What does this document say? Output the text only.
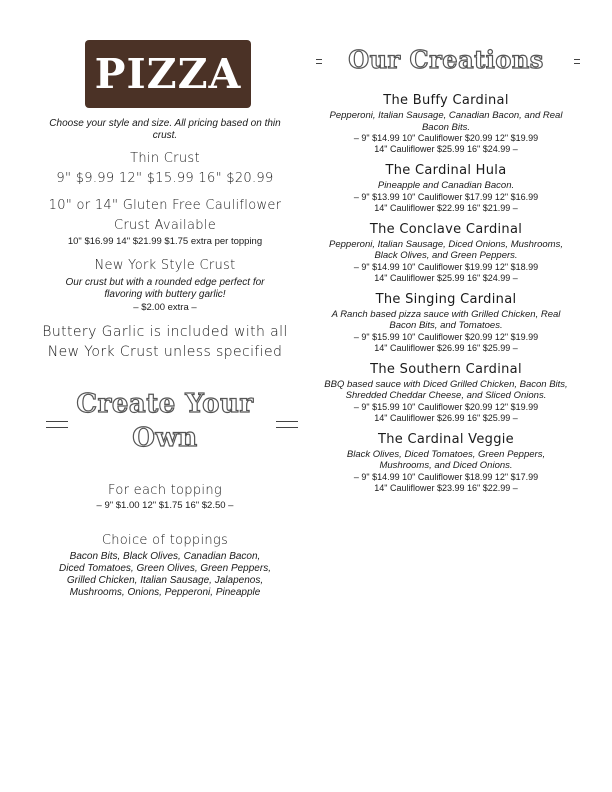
PIZZA
Choose your style and size. All pricing based on thin crust.
Thin Crust
9" $9.99 12" $15.99 16" $20.99
10" or 14" Gluten Free Cauliflower
Crust Available
10" $16.99 14" $21.99 $1.75 extra per topping
New York Style Crust
Our crust but with a rounded edge perfect for flavoring with buttery garlic!
– $2.00 extra –
Buttery Garlic is included with all
New York Crust unless specified
Create Your
Own
For each topping
– 9" $1.00 12" $1.75 16" $2.50 –
Choice of toppings
Bacon Bits, Black Olives, Canadian Bacon, Diced Tomatoes, Green Olives, Green Peppers, Grilled Chicken, Italian Sausage, Jalapenos, Mushrooms, Onions, Pepperoni, Pineapple
Our Creations
The Buffy Cardinal
Pepperoni, Italian Sausage, Canadian Bacon, and Real Bacon Bits.
– 9" $14.99 10" Cauliflower $20.99 12" $19.99
14" Cauliflower $25.99 16" $24.99 –
The Cardinal Hula
Pineapple and Canadian Bacon.
– 9" $13.99 10" Cauliflower $17.99 12" $16.99
14" Cauliflower $22.99 16" $21.99 –
The Conclave Cardinal
Pepperoni, Italian Sausage, Diced Onions, Mushrooms, Black Olives, and Green Peppers.
– 9" $14.99 10" Cauliflower $19.99 12" $18.99
14" Cauliflower $25.99 16" $24.99 –
The Singing Cardinal
A Ranch based pizza sauce with Grilled Chicken, Real Bacon Bits, and Tomatoes.
– 9" $15.99 10" Cauliflower $20.99 12" $19.99
14" Cauliflower $26.99 16" $25.99 –
The Southern Cardinal
BBQ based sauce with Diced Grilled Chicken, Bacon Bits, Shredded Cheddar Cheese, and Sliced Onions.
– 9" $15.99 10" Cauliflower $20.99 12" $19.99
14" Cauliflower $26.99 16" $25.99 –
The Cardinal Veggie
Black Olives, Diced Tomatoes, Green Peppers, Mushrooms, and Diced Onions.
– 9" $14.99 10" Cauliflower $18.99 12" $17.99
14" Cauliflower $23.99 16" $22.99 –
